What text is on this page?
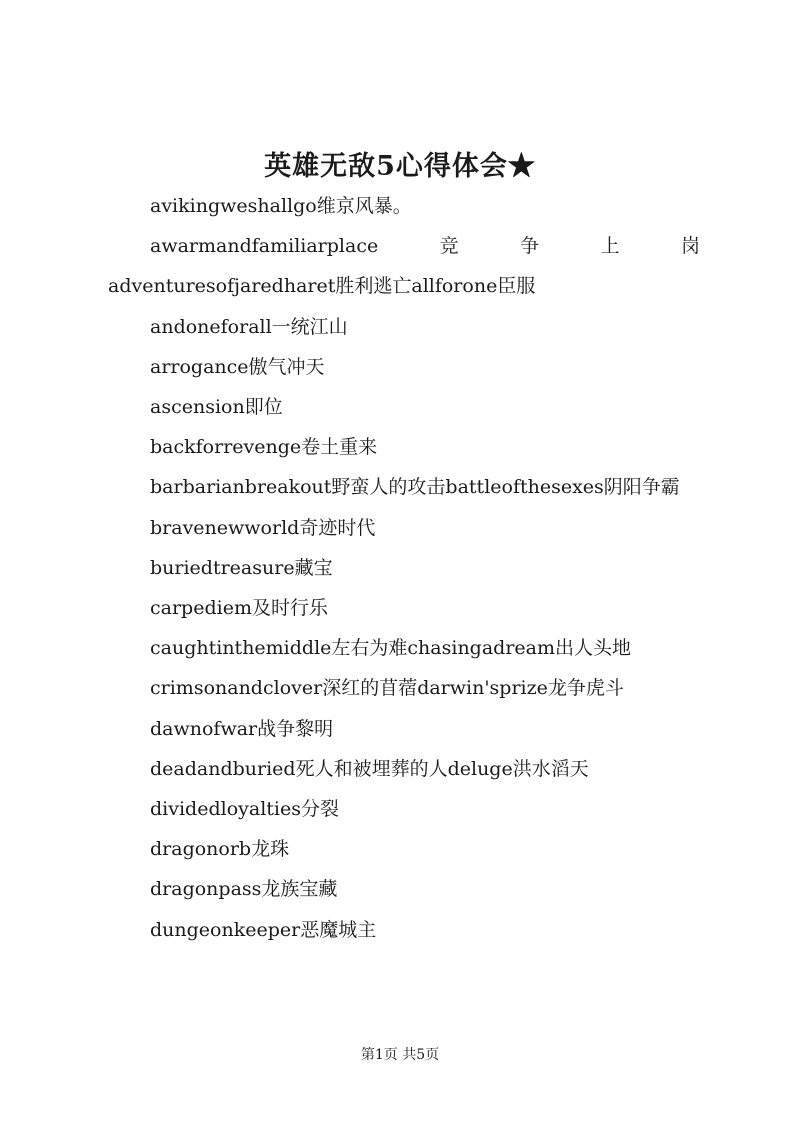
英雄无敌5心得体会★
avikingweshallgo维京风暴。
awarmandfamiliarplace	竞	争	上	岗
adventuresofjaredharet胜利逃亡allforone臣服
andoneforall一统江山
arrogance傲气冲天
ascension即位
backforrevenge卷土重来
barbarianbreakout野蛮人的攻击battleofthesexes阴阳争霸
bravenewworld奇迹时代
buriedtreasure藏宝
carpediem及时行乐
caughtinthemiddle左右为难chasingadream出人头地
crimsonandclover深红的苜蓿darwin'sprize龙争虎斗
dawnofwar战争黎明
deadandburied死人和被埋葬的人deluge洪水滔天
dividedloyalties分裂
dragonorb龙珠
dragonpass龙族宝藏
dungeonkeeper恶魔城主
第1页 共5页
